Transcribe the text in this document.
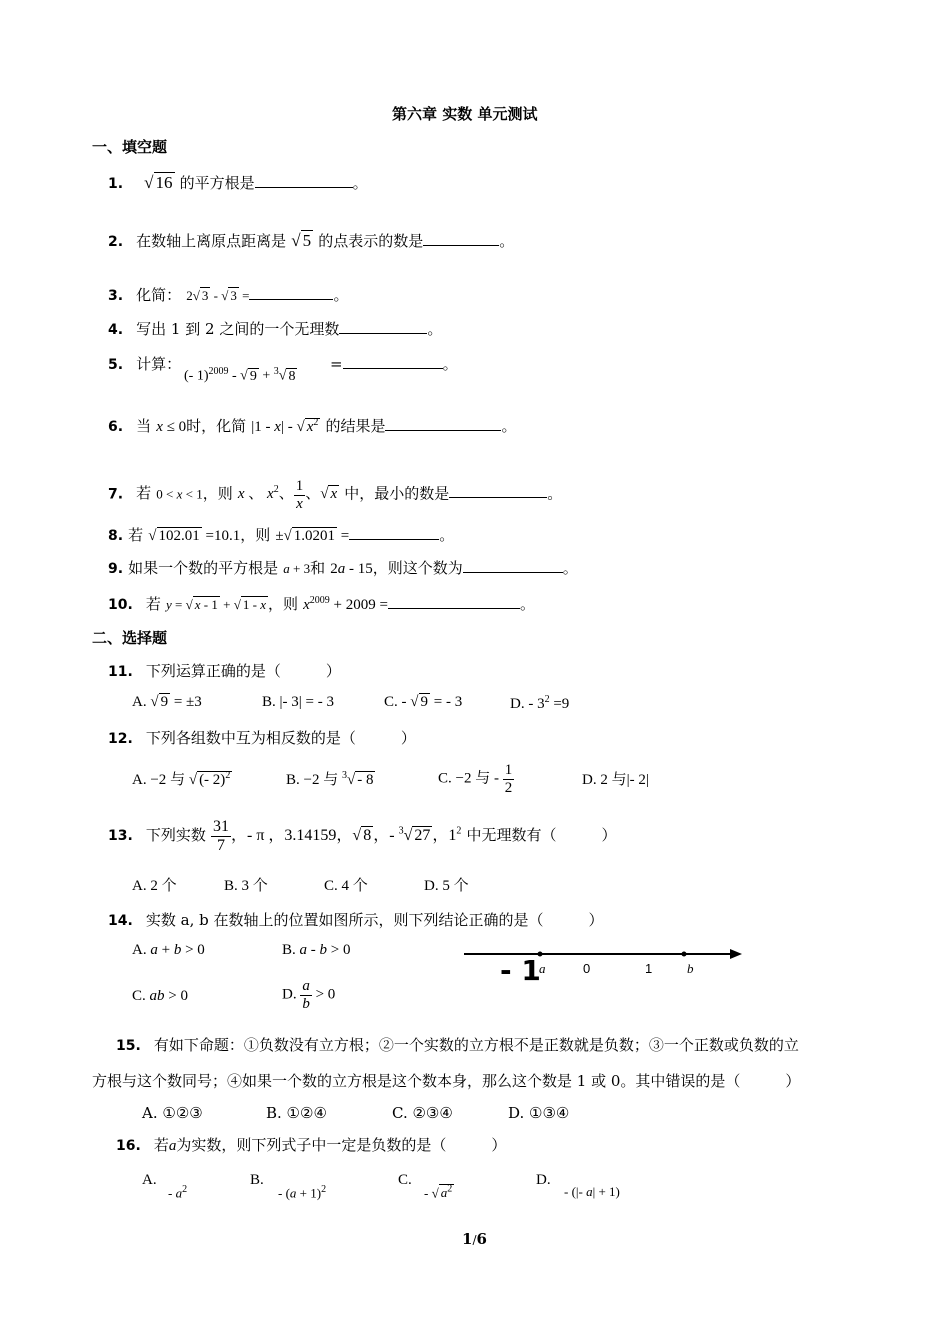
第六章 实数 单元测试
一、填空题
1. √ 16 的平方根是	。
2. 在数轴上离原点距离是 √ 5 的点表示的数是	。
3. 化简： 2√ 3 - √ 3 =	。
4. 写出 1 到 2 之间的一个无理数	。
5. 计算：
(- 1)$^{2009}$ - √ 9 + $^3$√ 8
=	。
6. 当 x ≤ 0时，化简 |1 - x| - √ $x^2$ 的结果是	。
7. 若 0 < x < 1，则 x 、 $x^2$、 $\frac{1}{x}$ 、√ x 中，最小的数是	。
8. 若 √ 102.01 =10.1，则 ±√ 1.0201 =	。
9. 如果一个数的平方根是 a + 3和 2a - 15，则这个数为	。
10. 若 y = √ x - 1 + √ 1 - x ，则 $x^{2009} + 2009$ =	。
二、选择题
11. 下列运算正确的是（　　　）
A. √ 9 = ±3	B. |- 3| = - 3	C. - √ 9 = - 3	D. - $3^2 =9$
12. 下列各组数中互为相反数的是（　　　）
A. −2 与 √ (- 2)$^2$	B. −2 与 $^3$√ - 8	C. −2 与 - $\frac{1}{2}$	D. 2 与|- 2|
13. 下列实数 $\frac{31}{7}$ ，- π ，3.14159，√ 8 ，- $^3$√ 27 ，$1^2$ 中无理数有（　　　）
A. 2 个	B. 3 个	C. 4 个	D. 5 个
14. 实数 a, b 在数轴上的位置如图所示，则下列结论正确的是（　　　）
A. a + b > 0	B. a - b > 0
C. ab > 0	D. $\frac{a}{b} > 0$
- 1
a	0	1	b
15. 有如下命题：①负数没有立方根；②一个实数的立方根不是正数就是负数；③一个正数或负数的立
方根与这个数同号；④如果一个数的立方根是这个数本身，那么这个数是 1 或 0。其中错误的是（　　　）
A. ①②③	B. ①②④	C. ②③④	D. ①③④
16. 若a为实数，则下列式子中一定是负数的是（　　　）
A.
- $a^2$
B.
- $(a + 1)^2$
C.
- √ $a^2$
D.
- (|- a| + 1)
1/6
